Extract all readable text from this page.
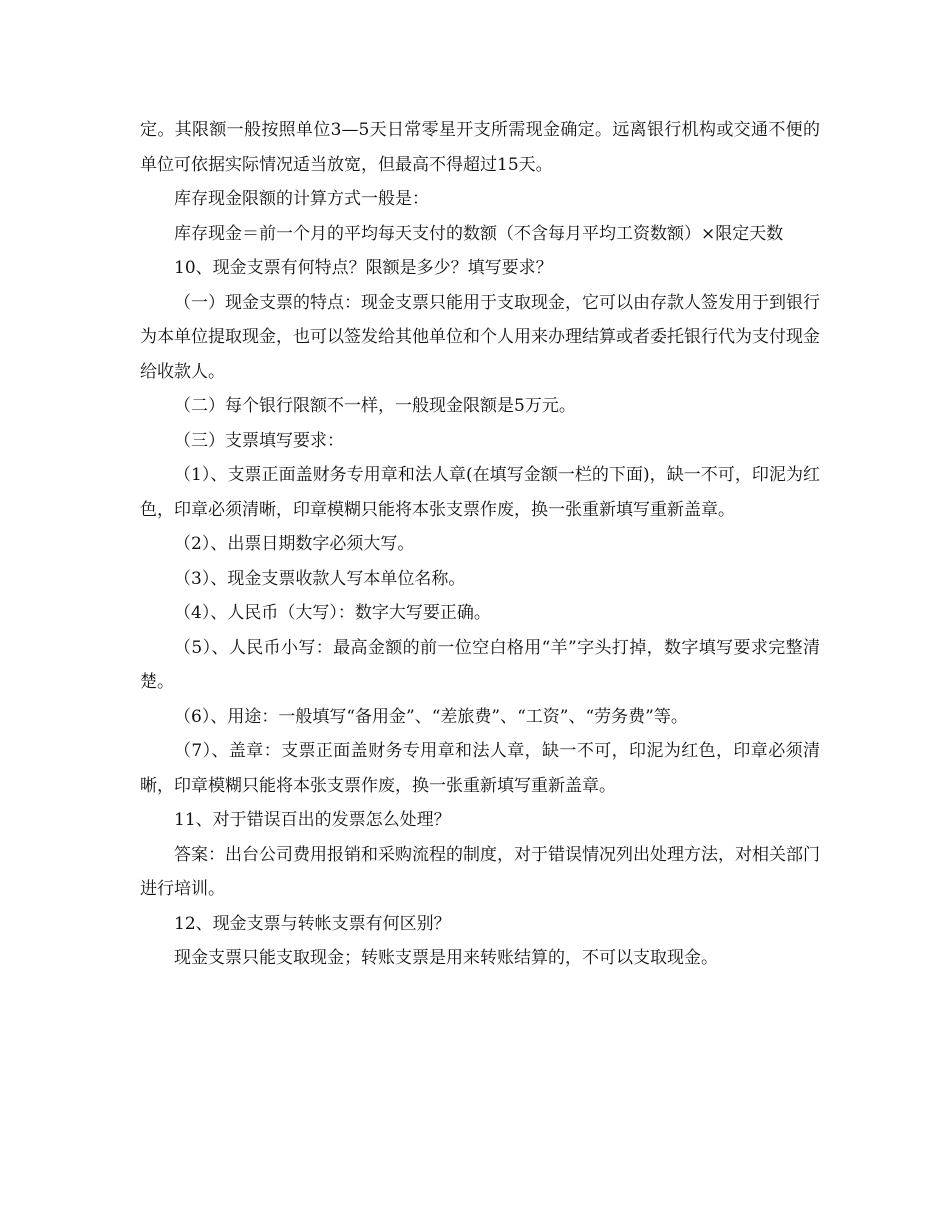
定。其限额一般按照单位3—5天日常零星开支所需现金确定。远离银行机构或交通不便的单位可依据实际情况适当放宽，但最高不得超过15天。

库存现金限额的计算方式一般是：

库存现金＝前一个月的平均每天支付的数额（不含每月平均工资数额）×限定天数

10、现金支票有何特点？限额是多少？填写要求？

（一）现金支票的特点：现金支票只能用于支取现金，它可以由存款人签发用于到银行为本单位提取现金，也可以签发给其他单位和个人用来办理结算或者委托银行代为支付现金给收款人。

（二）每个银行限额不一样，一般现金限额是5万元。

（三）支票填写要求：

（1）、支票正面盖财务专用章和法人章(在填写金额一栏的下面)，缺一不可，印泥为红色，印章必须清晰，印章模糊只能将本张支票作废，换一张重新填写重新盖章。

（2）、出票日期数字必须大写。

（3）、现金支票收款人写本单位名称。

（4）、人民币（大写）：数字大写要正确。

（5）、人民币小写：最高金额的前一位空白格用“羊”字头打掉，数字填写要求完整清楚。

（6）、用途：一般填写“备用金”、“差旅费”、“工资”、“劳务费”等。

（7）、盖章：支票正面盖财务专用章和法人章，缺一不可，印泥为红色，印章必须清晰，印章模糊只能将本张支票作废，换一张重新填写重新盖章。

11、对于错误百出的发票怎么处理？

答案：出台公司费用报销和采购流程的制度，对于错误情况列出处理方法，对相关部门进行培训。

12、现金支票与转帐支票有何区别？

现金支票只能支取现金；转账支票是用来转账结算的，不可以支取现金。
